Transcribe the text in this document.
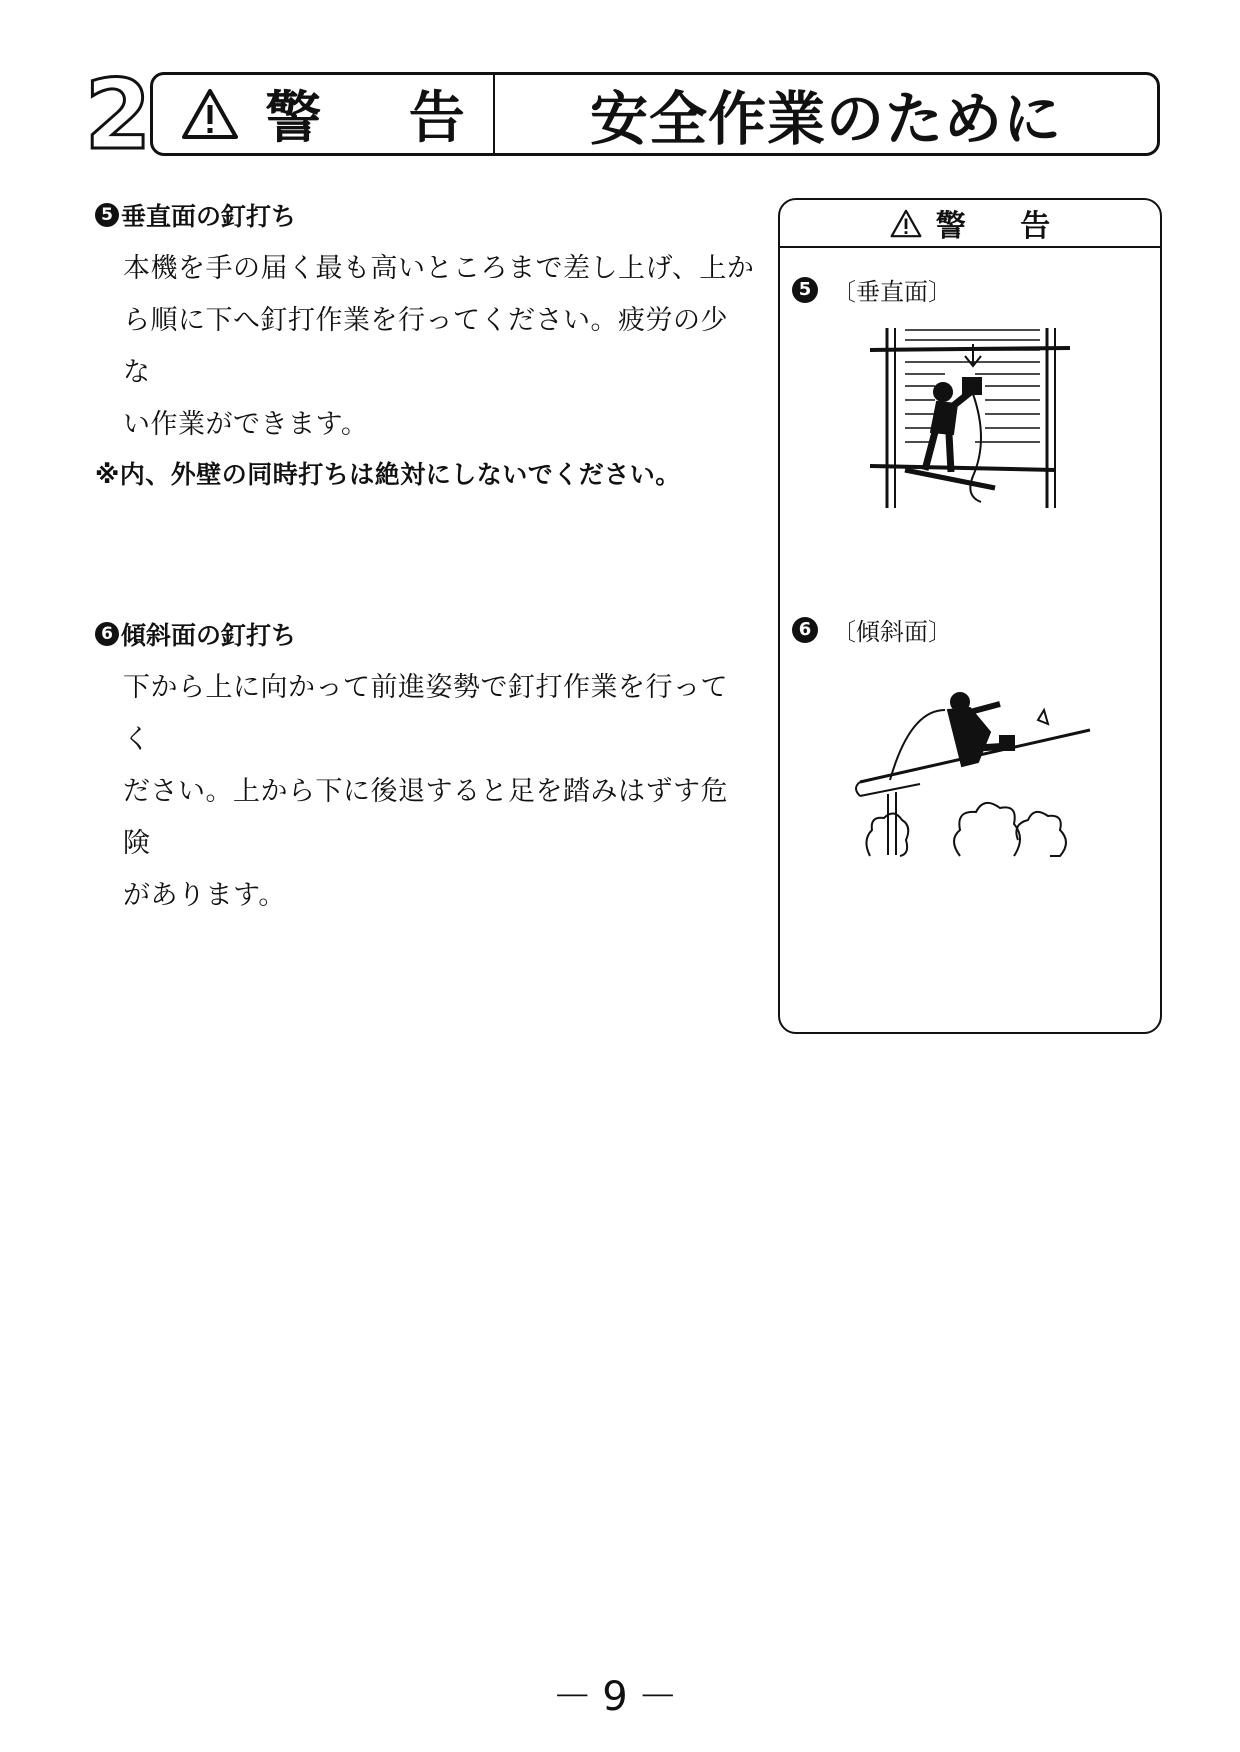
2 警 告	安全作業のために
5 垂直面の釘打ち

本機を手の届く最も高いところまで差し上げ、上か
ら順に下へ釘打作業を行ってください。疲労の少な
い作業ができます。

※内、外壁の同時打ちは絶対にしないでください。
6 傾斜面の釘打ち

下から上に向かって前進姿勢で釘打作業を行ってく
ださい。上から下に後退すると足を踏みはずす危険
があります。

警 告
5 〔垂直面〕
6 〔傾斜面〕
－9－
